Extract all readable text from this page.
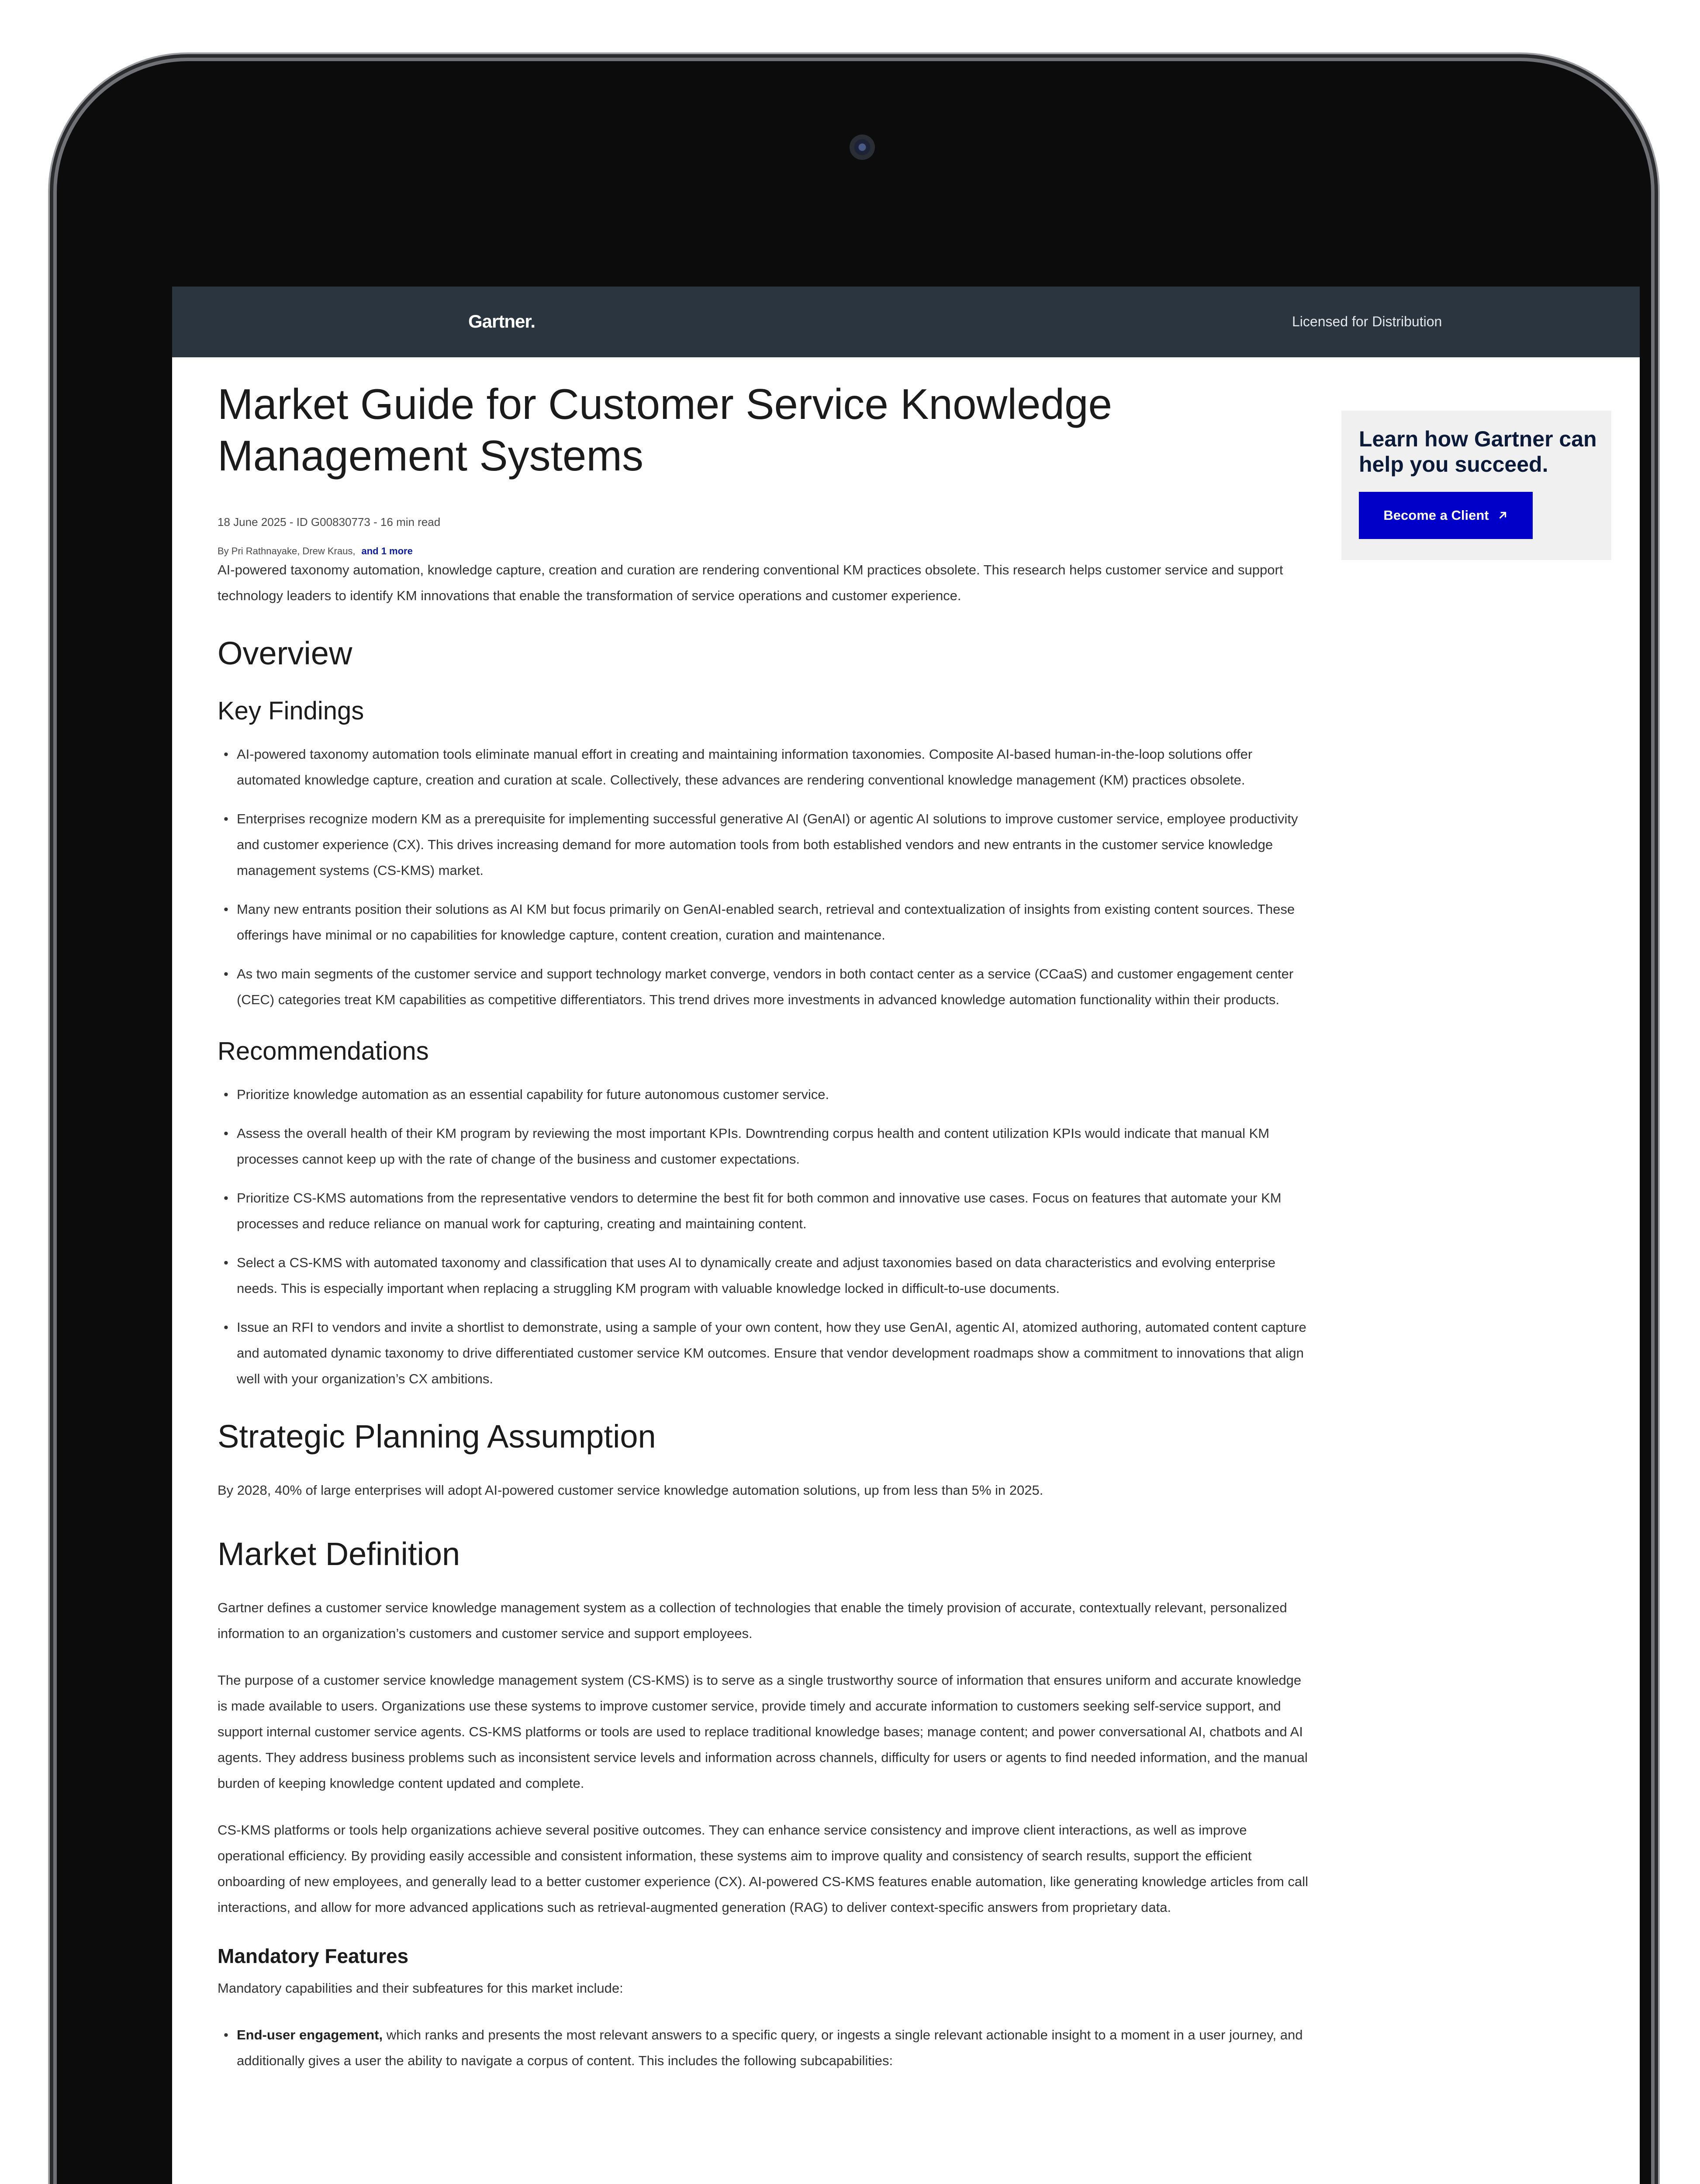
Gartner.	Licensed for Distribution
Market Guide for Customer Service Knowledge Management Systems
18 June 2025 - ID G00830773 - 16 min read
By Pri Rathnayake, Drew Kraus, and 1 more

AI-powered taxonomy automation, knowledge capture, creation and curation are rendering conventional KM practices obsolete. This research helps customer service and support technology leaders to identify KM innovations that enable the transformation of service operations and customer experience.

Overview
Key Findings
• AI-powered taxonomy automation tools eliminate manual effort in creating and maintaining information taxonomies. Composite AI-based human-in-the-loop solutions offer automated knowledge capture, creation and curation at scale. Collectively, these advances are rendering conventional knowledge management (KM) practices obsolete.
• Enterprises recognize modern KM as a prerequisite for implementing successful generative AI (GenAI) or agentic AI solutions to improve customer service, employee productivity and customer experience (CX). This drives increasing demand for more automation tools from both established vendors and new entrants in the customer service knowledge management systems (CS-KMS) market.
• Many new entrants position their solutions as AI KM but focus primarily on GenAI-enabled search, retrieval and contextualization of insights from existing content sources. These offerings have minimal or no capabilities for knowledge capture, content creation, curation and maintenance.
• As two main segments of the customer service and support technology market converge, vendors in both contact center as a service (CCaaS) and customer engagement center (CEC) categories treat KM capabilities as competitive differentiators. This trend drives more investments in advanced knowledge automation functionality within their products.
Recommendations
• Prioritize knowledge automation as an essential capability for future autonomous customer service.
• Assess the overall health of their KM program by reviewing the most important KPIs. Downtrending corpus health and content utilization KPIs would indicate that manual KM processes cannot keep up with the rate of change of the business and customer expectations.
• Prioritize CS-KMS automations from the representative vendors to determine the best fit for both common and innovative use cases. Focus on features that automate your KM processes and reduce reliance on manual work for capturing, creating and maintaining content.
• Select a CS-KMS with automated taxonomy and classification that uses AI to dynamically create and adjust taxonomies based on data characteristics and evolving enterprise needs. This is especially important when replacing a struggling KM program with valuable knowledge locked in difficult-to-use documents.
• Issue an RFI to vendors and invite a shortlist to demonstrate, using a sample of your own content, how they use GenAI, agentic AI, atomized authoring, automated content capture and automated dynamic taxonomy to drive differentiated customer service KM outcomes. Ensure that vendor development roadmaps show a commitment to innovations that align well with your organization’s CX ambitions.
Strategic Planning Assumption

By 2028, 40% of large enterprises will adopt AI-powered customer service knowledge automation solutions, up from less than 5% in 2025.

Market Definition

Gartner defines a customer service knowledge management system as a collection of technologies that enable the timely provision of accurate, contextually relevant, personalized information to an organization’s customers and customer service and support employees.

The purpose of a customer service knowledge management system (CS-KMS) is to serve as a single trustworthy source of information that ensures uniform and accurate knowledge is made available to users. Organizations use these systems to improve customer service, provide timely and accurate information to customers seeking self-service support, and support internal customer service agents. CS-KMS platforms or tools are used to replace traditional knowledge bases; manage content; and power conversational AI, chatbots and AI agents. They address business problems such as inconsistent service levels and information across channels, difficulty for users or agents to find needed information, and the manual burden of keeping knowledge content updated and complete.

CS-KMS platforms or tools help organizations achieve several positive outcomes. They can enhance service consistency and improve client interactions, as well as improve operational efficiency. By providing easily accessible and consistent information, these systems aim to improve quality and consistency of search results, support the efficient onboarding of new employees, and generally lead to a better customer experience (CX). AI-powered CS-KMS features enable automation, like generating knowledge articles from call interactions, and allow for more advanced applications such as retrieval-augmented generation (RAG) to deliver context-specific answers from proprietary data.

Mandatory Features

Mandatory capabilities and their subfeatures for this market include:

• End-user engagement, which ranks and presents the most relevant answers to a specific query, or ingests a single relevant actionable insight to a moment in a user journey, and additionally gives a user the ability to navigate a corpus of content. This includes the following subcapabilities:
Learn how Gartner can help you succeed.
Become a Client
